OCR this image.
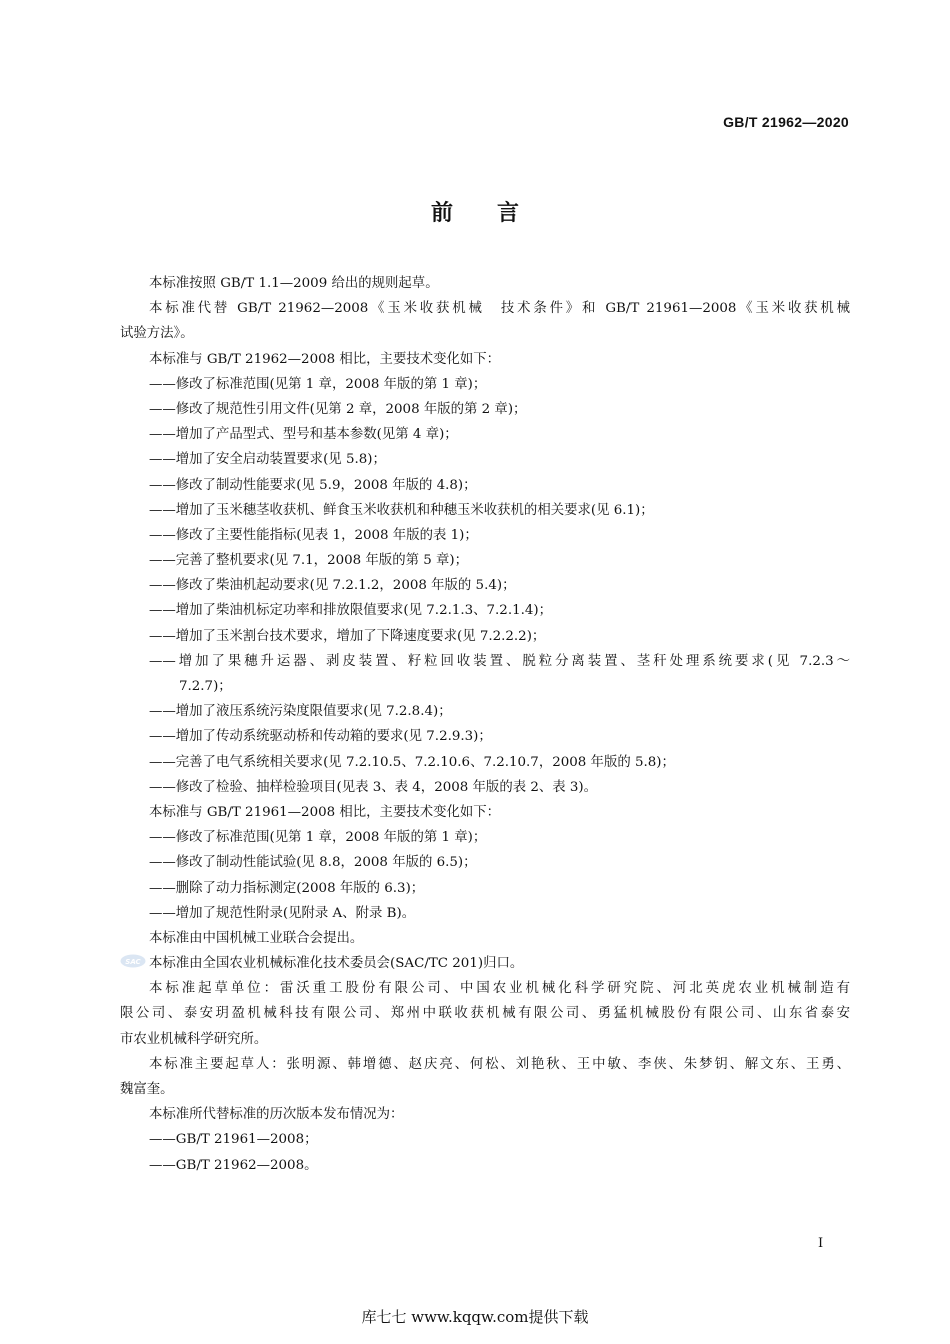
GB/T 21962—2020
前言
本标准按照 GB/T 1.1—2009 给出的规则起草。
本标准代替 GB/T 21962—2008《玉米收获机械　技术条件》和 GB/T 21961—2008《玉米收获机械
试验方法》。
本标准与 GB/T 21962—2008 相比，主要技术变化如下：
——修改了标准范围(见第 1 章，2008 年版的第 1 章)；
——修改了规范性引用文件(见第 2 章，2008 年版的第 2 章)；
——增加了产品型式、型号和基本参数(见第 4 章)；
——增加了安全启动装置要求(见 5.8)；
——修改了制动性能要求(见 5.9，2008 年版的 4.8)；
——增加了玉米穗茎收获机、鲜食玉米收获机和种穗玉米收获机的相关要求(见 6.1)；
——修改了主要性能指标(见表 1，2008 年版的表 1)；
——完善了整机要求(见 7.1，2008 年版的第 5 章)；
——修改了柴油机起动要求(见 7.2.1.2，2008 年版的 5.4)；
——增加了柴油机标定功率和排放限值要求(见 7.2.1.3、7.2.1.4)；
——增加了玉米割台技术要求，增加了下降速度要求(见 7.2.2.2)；
——增加了果穗升运器、剥皮装置、籽粒回收装置、脱粒分离装置、茎秆处理系统要求(见 7.2.3～
7.2.7)；
——增加了液压系统污染度限值要求(见 7.2.8.4)；
——增加了传动系统驱动桥和传动箱的要求(见 7.2.9.3)；
——完善了电气系统相关要求(见 7.2.10.5、7.2.10.6、7.2.10.7，2008 年版的 5.8)；
——修改了检验、抽样检验项目(见表 3、表 4，2008 年版的表 2、表 3)。
本标准与 GB/T 21961—2008 相比，主要技术变化如下：
——修改了标准范围(见第 1 章，2008 年版的第 1 章)；
——修改了制动性能试验(见 8.8，2008 年版的 6.5)；
——删除了动力指标测定(2008 年版的 6.3)；
——增加了规范性附录(见附录 A、附录 B)。
本标准由中国机械工业联合会提出。
本标准由全国农业机械标准化技术委员会(SAC/TC 201)归口。
本标准起草单位：雷沃重工股份有限公司、中国农业机械化科学研究院、河北英虎农业机械制造有
限公司、泰安玥盈机械科技有限公司、郑州中联收获机械有限公司、勇猛机械股份有限公司、山东省泰安
市农业机械科学研究所。
本标准主要起草人：张明源、韩增德、赵庆亮、何松、刘艳秋、王中敏、李侠、朱梦钥、解文东、王勇、
魏富奎。
本标准所代替标准的历次版本发布情况为：
——GB/T 21961—2008；
——GB/T 21962—2008。
SAC
I
库七七 www.kqqw.com提供下载
